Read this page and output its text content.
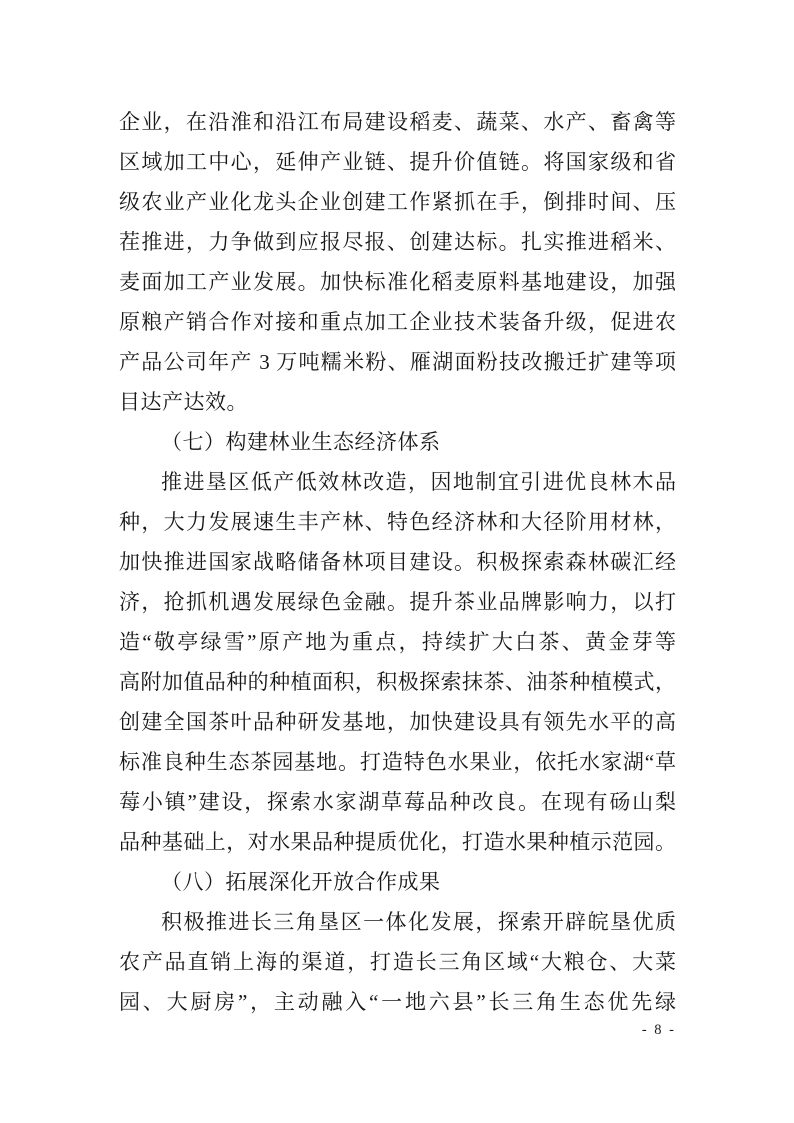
企业，在沿淮和沿江布局建设稻麦、蔬菜、水产、畜禽等
区域加工中心，延伸产业链、提升价值链。将国家级和省
级农业产业化龙头企业创建工作紧抓在手，倒排时间、压
茬推进，力争做到应报尽报、创建达标。扎实推进稻米、
麦面加工产业发展。加快标准化稻麦原料基地建设，加强
原粮产销合作对接和重点加工企业技术装备升级，促进农
产品公司年产 3 万吨糯米粉、雁湖面粉技改搬迁扩建等项
目达产达效。
（七）构建林业生态经济体系
推进垦区低产低效林改造，因地制宜引进优良林木品
种，大力发展速生丰产林、特色经济林和大径阶用材林，
加快推进国家战略储备林项目建设。积极探索森林碳汇经
济，抢抓机遇发展绿色金融。提升茶业品牌影响力，以打
造“敬亭绿雪”原产地为重点，持续扩大白茶、黄金芽等
高附加值品种的种植面积，积极探索抹茶、油茶种植模式，
创建全国茶叶品种研发基地，加快建设具有领先水平的高
标准良种生态茶园基地。打造特色水果业，依托水家湖“草
莓小镇”建设，探索水家湖草莓品种改良。在现有砀山梨
品种基础上，对水果品种提质优化，打造水果种植示范园。
（八）拓展深化开放合作成果
积极推进长三角垦区一体化发展，探索开辟皖垦优质
农产品直销上海的渠道，打造长三角区域“大粮仓、大菜
园、大厨房”，主动融入“一地六县”长三角生态优先绿
- 8 -
